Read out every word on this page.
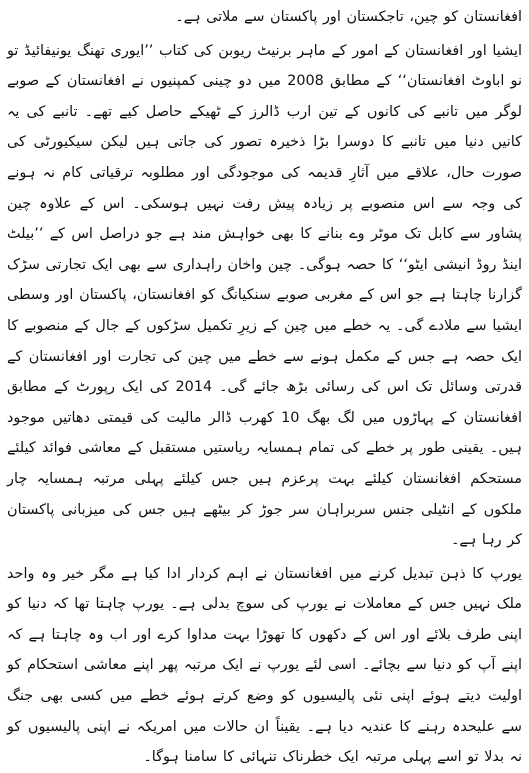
افغانستان کو چین، تاجکستان اور پاکستان سے ملاتی ہے۔

ایشیا اور افغانستان کے امور کے ماہر برنیٹ ریوبن کی کتاب ’’ایوری تھنگ یونیفائیڈ تو نو اباوٹ افغانستان‘‘ کے مطابق 2008 میں دو چینی کمپنیوں نے افغانستان کے صوبے لوگر میں تانبے کی کانوں کے تین ارب ڈالرز کے ٹھیکے حاصل کیے تھے۔ تانبے کی یہ کانیں دنیا میں تانبے کا دوسرا بڑا ذخیرہ تصور کی جاتی ہیں لیکن سیکیورٹی کی صورت حال، علاقے میں آثارِ قدیمہ کی موجودگی اور مطلوبہ ترقیاتی کام نہ ہونے کی وجہ سے اس منصوبے پر زیادہ پیش رفت نہیں ہوسکی۔ اس کے علاوہ چین پشاور سے کابل تک موٹر وے بنانے کا بھی خواہش مند ہے جو دراصل اس کے ’’بیلٹ اینڈ روڈ انیشی ایٹو‘‘ کا حصہ ہوگی۔ چین واخان راہداری سے بھی ایک تجارتی سڑک گزارنا چاہتا ہے جو اس کے مغربی صوبے سنکیانگ کو افغانستان، پاکستان اور وسطی ایشیا سے ملادے گی۔ یہ خطے میں چین کے زیرِ تکمیل سڑکوں کے جال کے منصوبے کا ایک حصہ ہے جس کے مکمل ہونے سے خطے میں چین کی تجارت اور افغانستان کے قدرتی وسائل تک اس کی رسائی بڑھ جائے گی۔ 2014 کی ایک رپورٹ کے مطابق افغانستان کے پہاڑوں میں لگ بھگ 10 کھرب ڈالر مالیت کی قیمتی دھاتیں موجود ہیں۔ یقینی طور پر خطے کی تمام ہمسایہ ریاستیں مستقبل کے معاشی فوائد کیلئے مستحکم افغانستان کیلئے بہت پرعزم ہیں جس کیلئے پہلی مرتبہ ہمسایہ چار ملکوں کے انٹیلی جنس سربراہان سر جوڑ کر بیٹھے ہیں جس کی میزبانی پاکستان کر رہا ہے۔

یورپ کا ذہن تبدیل کرنے میں افغانستان نے اہم کردار ادا کیا ہے مگر خیر وہ واحد ملک نہیں جس کے معاملات نے یورپ کی سوچ بدلی ہے۔ یورپ چاہتا تھا کہ دنیا کو اپنی طرف بلائے اور اس کے دکھوں کا تھوڑا بہت مداوا کرے اور اب وہ چاہتا ہے کہ اپنے آپ کو دنیا سے بچائے۔ اسی لئے یورپ نے ایک مرتبہ پھر اپنے معاشی استحکام کو اولیت دیتے ہوئے اپنی نئی پالیسیوں کو وضع کرتے ہوئے خطے میں کسی بھی جنگ سے علیحدہ رہنے کا عندیہ دیا ہے۔ یقیناً ان حالات میں امریکہ نے اپنی پالیسیوں کو نہ بدلا تو اسے پہلی مرتبہ ایک خطرناک تنہائی کا سامنا ہوگا۔
